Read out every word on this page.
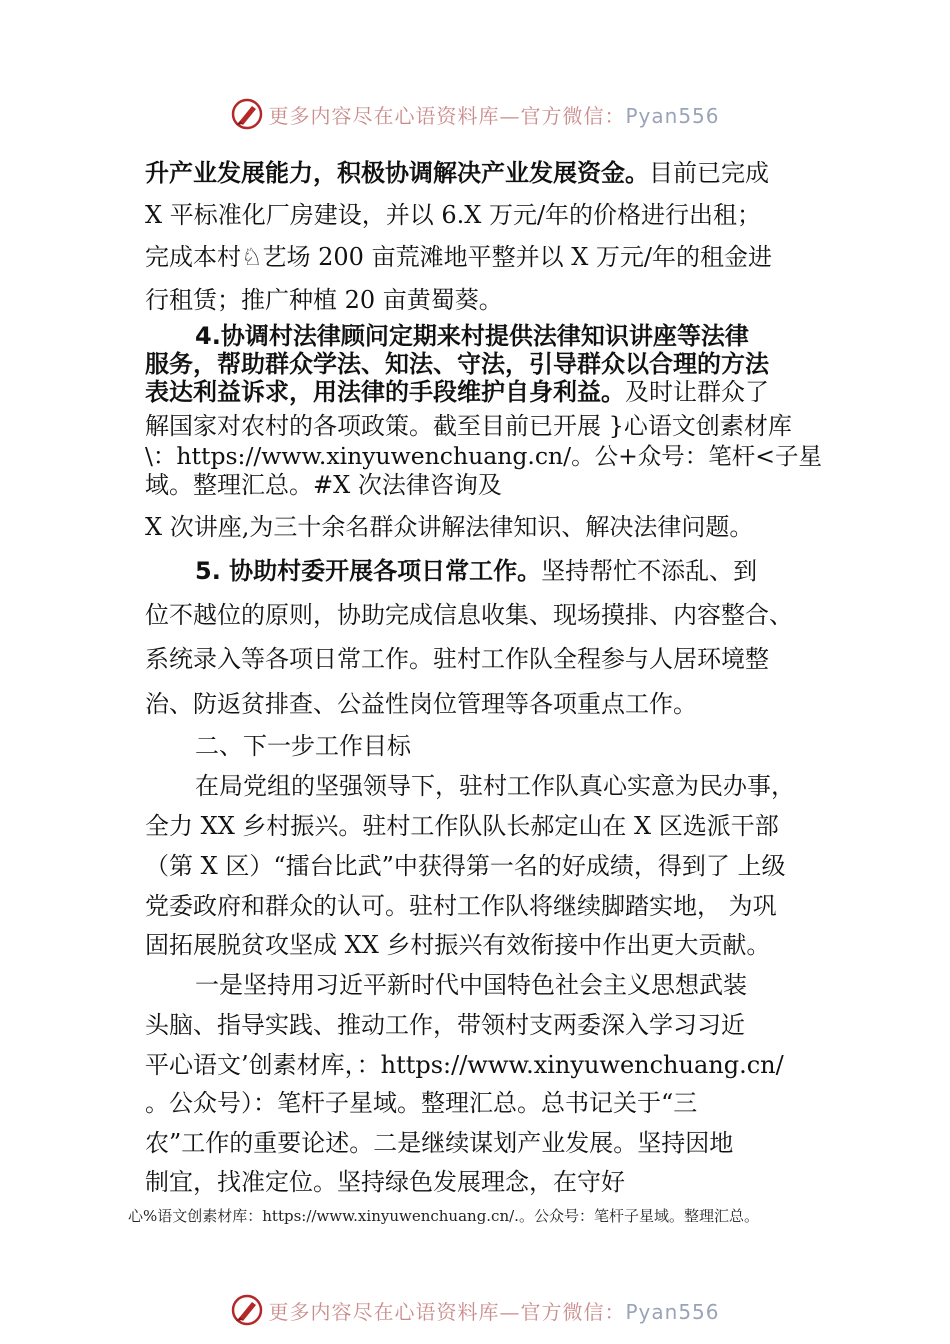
更多内容尽在心语资料库—官方微信：Pyan556
升产业发展能力，积极协调解决产业发展资金。目前已完成
X 平标准化厂房建设，并以 6.X 万元/年的价格进行出租；
完成本村♘艺场 200 亩荒滩地平整并以 X 万元/年的租金进
行租赁；推广种植 20 亩黄蜀葵。
4.协调村法律顾问定期来村提供法律知识讲座等法律
服务，帮助群众学法、知法、守法，引导群众以合理的方法
表达利益诉求，用法律的手段维护自身利益。及时让群众了
解国家对农村的各项政策。截至目前已开展 }心语文创素材库
\：https://www.xinyuwenchuang.cn/。公+众号：笔杆<子星
域。整理汇总。#X 次法律咨询及
X 次讲座,为三十余名群众讲解法律知识、解决法律问题。
5. 协助村委开展各项日常工作。坚持帮忙不添乱、到
位不越位的原则，协助完成信息收集、现场摸排、内容整合、
系统录入等各项日常工作。驻村工作队全程参与人居环境整
治、防返贫排查、公益性岗位管理等各项重点工作。
二、下一步工作目标
在局党组的坚强领导下，驻村工作队真心实意为民办事，
全力 XX 乡村振兴。驻村工作队队长郝定山在 X 区选派干部
（第 X 区）“擂台比武”中获得第一名的好成绩，得到了 上级
党委政府和群众的认可。驻村工作队将继续脚踏实地， 为巩
固拓展脱贫攻坚成 XX 乡村振兴有效衔接中作出更大贡献。
一是坚持用习近平新时代中国特色社会主义思想武装
头脑、指导实践、推动工作，带领村支两委深入学习习近
平心语文’创素材库，：https://www.xinyuwenchuang.cn/
。公众号）：笔杆子星域。整理汇总。总书记关于“三
农”工作的重要论述。二是继续谋划产业发展。坚持因地
制宜，找准定位。坚持绿色发展理念，在守好
心%语文创素材库：https://www.xinyuwenchuang.cn/.。公众号：笔杆子星域。整理汇总。
更多内容尽在心语资料库—官方微信：Pyan556
